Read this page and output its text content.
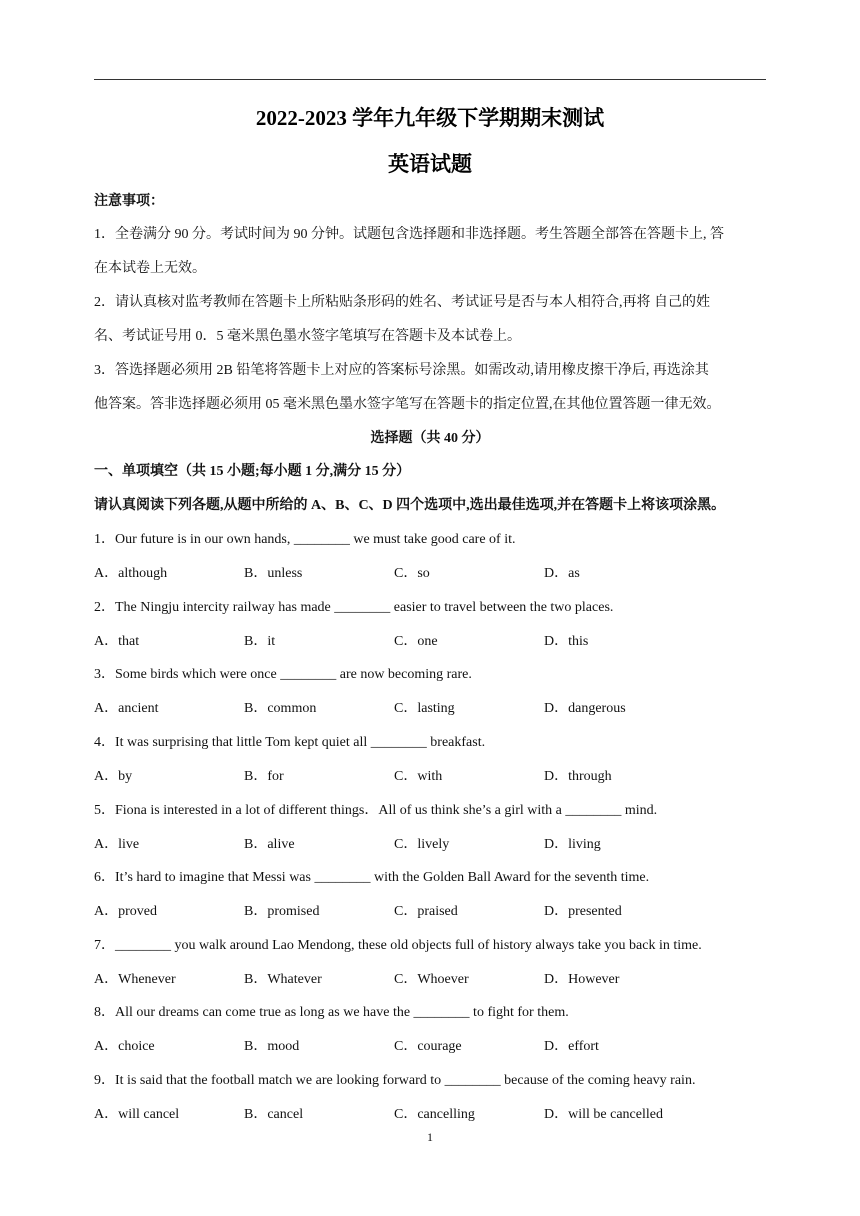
2022-2023 学年九年级下学期期末测试
英语试题
注意事项：
1．全卷满分 90 分。考试时间为 90 分钟。试题包含选择题和非选择题。考生答题全部答在答题卡上, 答
在本试卷上无效。
2．请认真核对监考教师在答题卡上所粘贴条形码的姓名、考试证号是否与本人相符合,再将 自己的姓
名、考试证号用 0．5 毫米黑色墨水签字笔填写在答题卡及本试卷上。
3．答选择题必须用 2B 铅笔将答题卡上对应的答案标号涂黑。如需改动,请用橡皮擦干净后, 再选涂其
他答案。答非选择题必须用 05 毫米黑色墨水签字笔写在答题卡的指定位置,在其他位置答题一律无效。
选择题（共 40 分）
一、单项填空（共 15 小题;每小题 1 分,满分 15 分）
请认真阅读下列各题,从题中所给的 A、B、C、D 四个选项中,选出最佳选项,并在答题卡上将该项涂黑。
1．Our future is in our own hands, ________ we must take good care of it.
A．although	B．unless	C．so	D．as
2．The Ningju intercity railway has made ________ easier to travel between the two places.
A．that	B．it	C．one	D．this
3．Some birds which were once ________ are now becoming rare.
A．ancient	B．common	C．lasting	D．dangerous
4．It was surprising that little Tom kept quiet all ________ breakfast.
A．by	B．for	C．with	D．through
5．Fiona is interested in a lot of different things．All of us think she’s a girl with a ________ mind.
A．live	B．alive	C．lively	D．living
6．It’s hard to imagine that Messi was ________ with the Golden Ball Award for the seventh time.
A．proved	B．promised	C．praised	D．presented
7．________ you walk around Lao Mendong, these old objects full of history always take you back in time.
A．Whenever	B．Whatever	C．Whoever	D．However
8．All our dreams can come true as long as we have the ________ to fight for them.
A．choice	B．mood	C．courage	D．effort
9．It is said that the football match we are looking forward to ________ because of the coming heavy rain.
A．will cancel	B．cancel	C．cancelling	D．will be cancelled
1
